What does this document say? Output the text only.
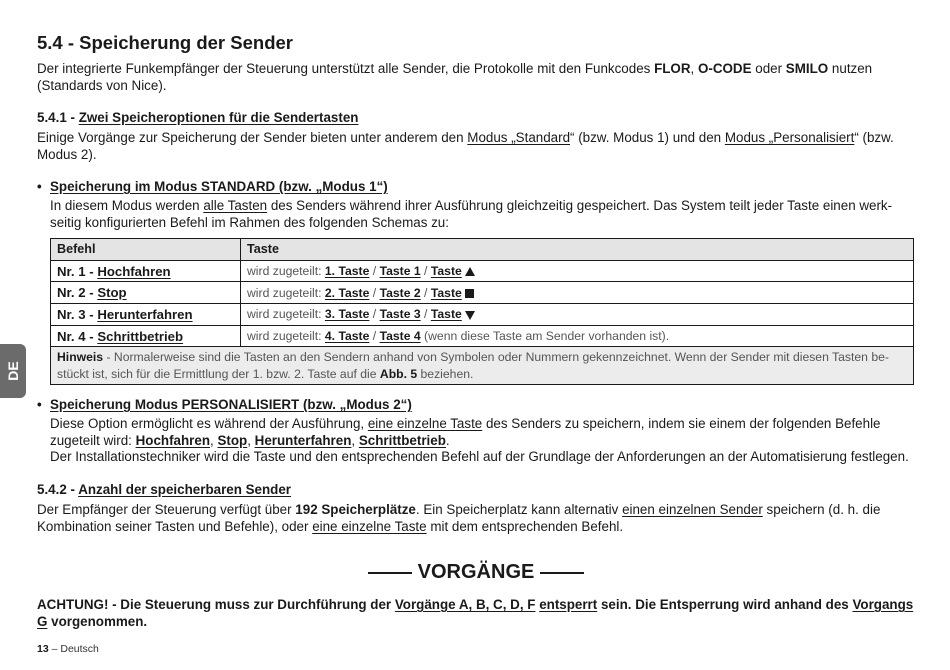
DE
5.4 - Speicherung der Sender

Der integrierte Funkempfänger der Steuerung unterstützt alle Sender, die Protokolle mit den Funkcodes FLOR, O-CODE oder SMILO nutzen (Standards von Nice).

5.4.1 - Zwei Speicheroptionen für die Sendertasten

Einige Vorgänge zur Speicherung der Sender bieten unter anderem den Modus „Standard“ (bzw. Modus 1) und den Modus „Personalisiert“ (bzw. Modus 2).

• Speicherung im Modus STANDARD (bzw. „Modus 1“)

In diesem Modus werden alle Tasten des Senders während ihrer Ausführung gleichzeitig gespeichert. Das System teilt jeder Taste einen werkseitig konfigurierten Befehl im Rahmen des folgenden Schemas zu:

Befehl	Taste
Nr. 1 - Hochfahren	wird zugeteilt: 1. Taste / Taste 1 / Taste
Nr. 2 - Stop	wird zugeteilt: 2. Taste / Taste 2 / Taste
Nr. 3 - Herunterfahren	wird zugeteilt: 3. Taste / Taste 3 / Taste
Nr. 4 - Schrittbetrieb	wird zugeteilt: 4. Taste / Taste 4 (wenn diese Taste am Sender vorhanden ist).
Hinweis - Normalerweise sind die Tasten an den Sendern anhand von Symbolen oder Nummern gekennzeichnet. Wenn der Sender mit diesen Tasten bestückt ist, sich für die Ermittlung der 1. bzw. 2. Taste auf die Abb. 5 beziehen.	
• Speicherung Modus PERSONALISIERT (bzw. „Modus 2“)

Diese Option ermöglicht es während der Ausführung, eine einzelne Taste des Senders zu speichern, indem sie einem der folgenden Befehle zugeteilt wird: Hochfahren, Stop, Herunterfahren, Schrittbetrieb.
Der Installationstechniker wird die Taste und den entsprechenden Befehl auf der Grundlage der Anforderungen an der Automatisierung festlegen.

5.4.2 - Anzahl der speicherbaren Sender

Der Empfänger der Steuerung verfügt über 192 Speicherplätze. Ein Speicherplatz kann alternativ einen einzelnen Sender speichern (d. h. die Kombination seiner Tasten und Befehle), oder eine einzelne Taste mit dem entsprechenden Befehl.

VORGÄNGE

ACHTUNG! - Die Steuerung muss zur Durchführung der Vorgänge A, B, C, D, F entsperrt sein. Die Entsperrung wird anhand des Vorgangs G vorgenommen.

13 – Deutsch
